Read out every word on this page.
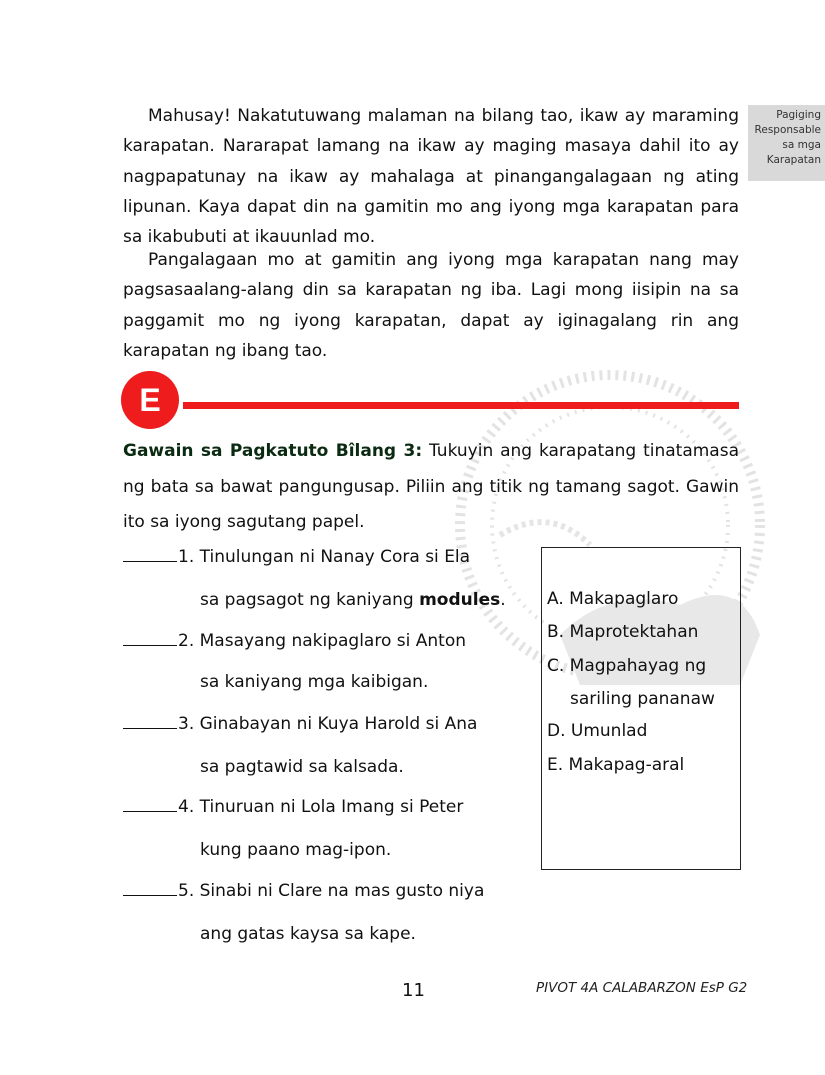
Pagiging
Responsable
sa mga
Karapatan

Mahusay! Nakatutuwang malaman na bilang tao, ikaw ay maraming karapatan. Nararapat lamang na ikaw ay maging masaya dahil ito ay nagpapatunay na ikaw ay mahalaga at pinangangalagaan ng ating lipunan. Kaya dapat din na gamitin mo ang iyong mga karapatan para sa ikabubuti at ikauunlad mo.

Pangalagaan mo at gamitin ang iyong mga karapatan nang may pagsasaalang-alang din sa karapatan ng iba. Lagi mong iisipin na sa paggamit mo ng iyong karapatan, dapat ay iginagalang rin ang karapatan ng ibang tao.

E

Gawain sa Pagkatuto Bîlang 3: Tukuyin ang karapatang tinatamasa ng bata sa bawat pangungusap. Piliin ang titik ng tamang sagot. Gawin ito sa iyong sagutang papel.

1. Tinulungan ni Nanay Cora si Ela
sa pagsagot ng kaniyang modules.
2. Masayang nakipaglaro si Anton
sa kaniyang mga kaibigan.
3. Ginabayan ni Kuya Harold si Ana
sa pagtawid sa kalsada.
4. Tinuruan ni Lola Imang si Peter
kung paano mag-ipon.
5. Sinabi ni Clare na mas gusto niya
ang gatas kaysa sa kape.
A. Makapaglaro
B. Maprotektahan
C. Magpahayag ng
sariling pananaw
D. Umunlad
E. Makapag-aral
11	PIVOT 4A CALABARZON EsP G2
